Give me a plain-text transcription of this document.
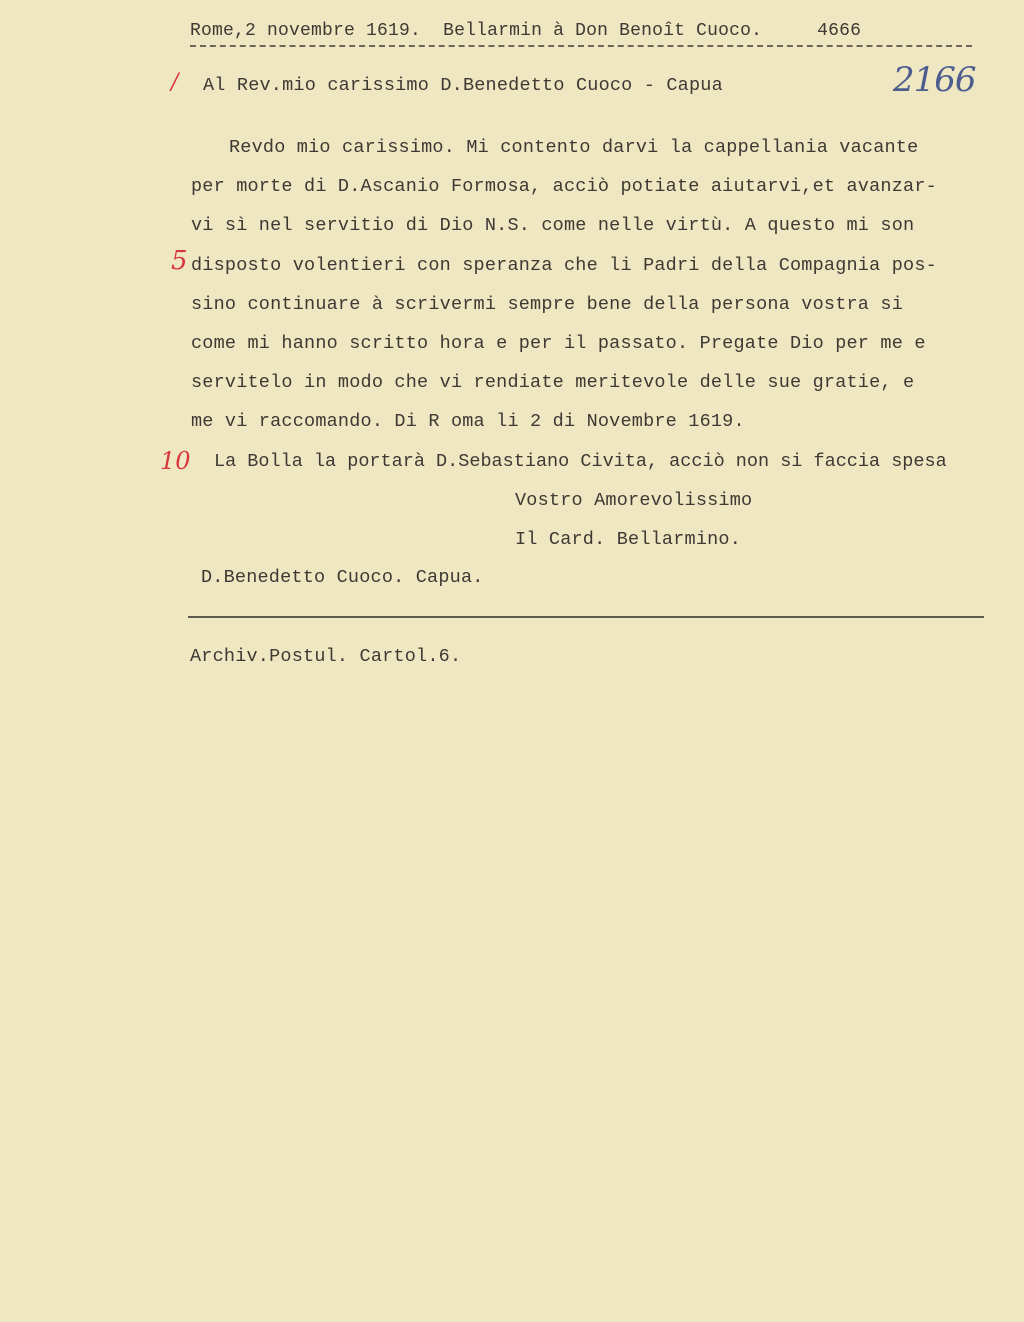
Rome,2 novembre 1619. Bellarmin à Don Benoît Cuoco.	4666
/ Al Rev.mio carissimo D.Benedetto Cuoco - Capua	2166
Revdo mio carissimo. Mi contento darvi la cappellania vacante
per morte di D.Ascanio Formosa, acciò potiate aiutarvi,et avanzar-
vi sì nel servitio di Dio N.S. come nelle virtù. A questo mi son
5 disposto volentieri con speranza che li Padri della Compagnia pos-
sino continuare à scrivermi sempre bene della persona vostra si
come mi hanno scritto hora e per il passato. Pregate Dio per me e
servitelo in modo che vi rendiate meritevole delle sue gratie, e
me vi raccomando. Di R oma li 2 di Novembre 1619.
10 La Bolla la portarà D.Sebastiano Civita, acciò non si faccia spesa
Vostro Amorevolissimo
Il Card. Bellarmino.
D.Benedetto Cuoco. Capua.
Archiv.Postul. Cartol.6.
